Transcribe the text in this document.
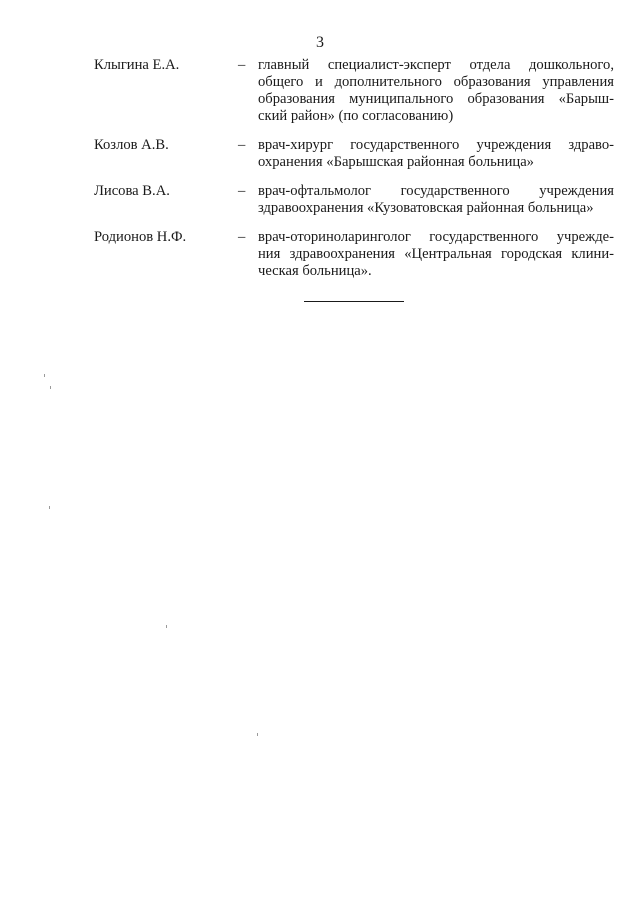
3
Клыгина Е.А.	– главный специалист-эксперт отдела дошкольного,
общего и дополнительного образования управления
образования муниципального образования «Барыш-
ский район» (по согласованию)
Козлов А.В.	– врач-хирург государственного учреждения здраво-
охранения «Барышская районная больница»
Лисова В.А.	– врач-офтальмолог государственного учреждения
здравоохранения «Кузоватовская районная больница»
Родионов Н.Ф.	– врач-оториноларинголог государственного учрежде-
ния здравоохранения «Центральная городская клини-
ческая больница».
